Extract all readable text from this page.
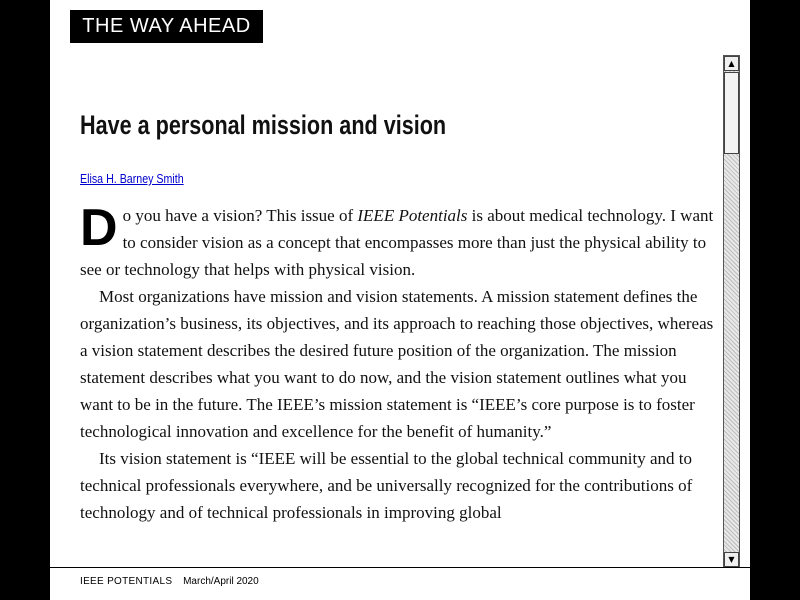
THE WAY AHEAD
Have a personal mission and vision
Elisa H. Barney Smith

Do you have a vision? This issue of IEEE Potentials is about medical technology. I want to consider vision as a concept that encompasses more than just the physical ability to see or technology that helps with physical vision.

Most organizations have mission and vision statements. A mission statement defines the organization’s business, its objectives, and its approach to reaching those objectives, whereas a vision statement describes the desired future position of the organization. The mission statement describes what you want to do now, and the vision statement outlines what you want to be in the future. The IEEE’s mission statement is “IEEE’s core purpose is to foster technological innovation and excellence for the benefit of humanity.”

Its vision statement is “IEEE will be essential to the global technical community and to technical professionals everywhere, and be universally recognized for the contributions of technology and of technical professionals in improving global

▲
▼
IEEE POTENTIALS March/April 2020
